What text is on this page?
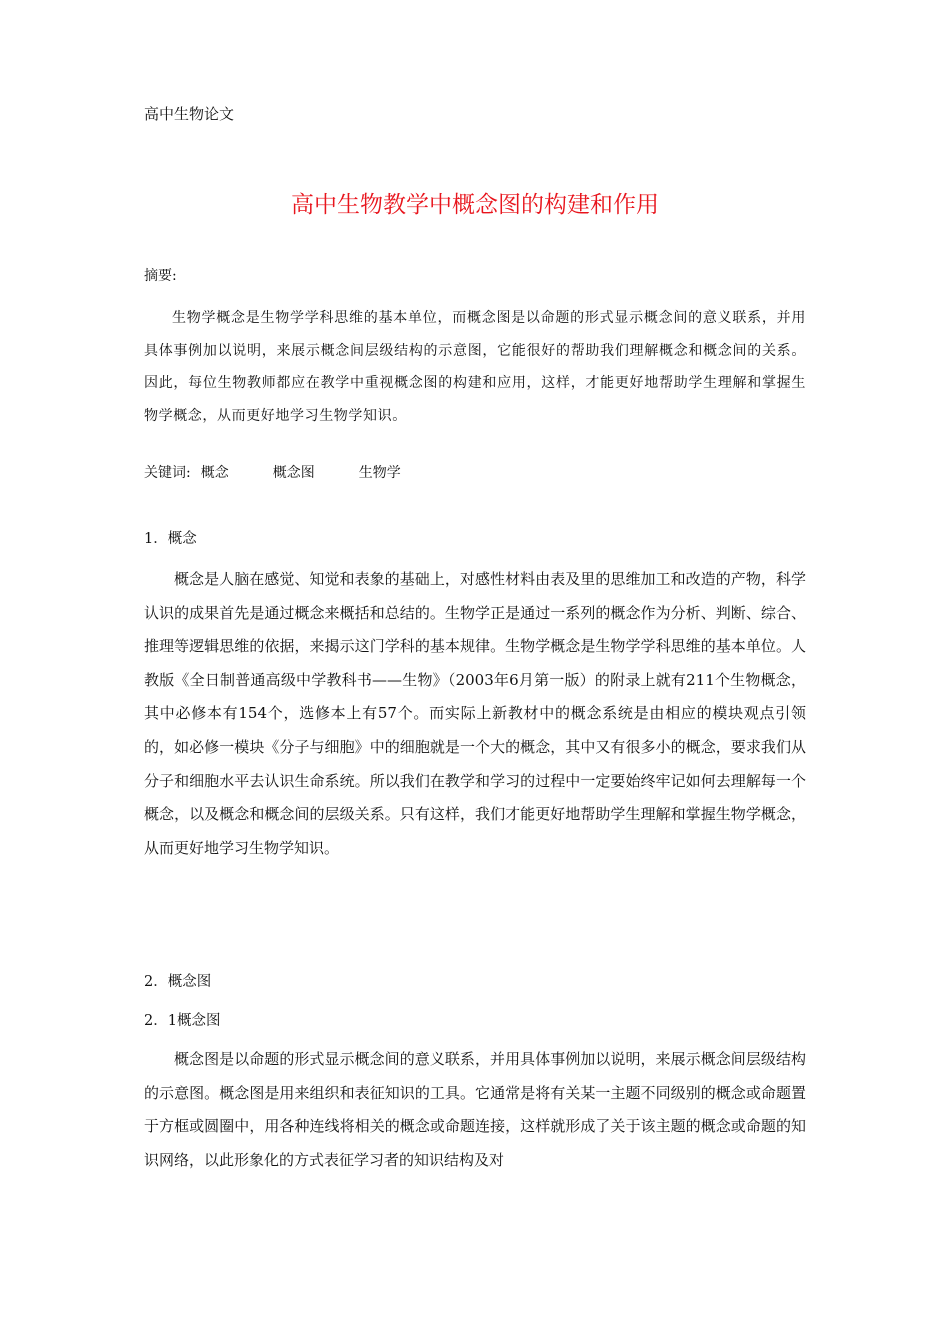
高中生物论文
高中生物教学中概念图的构建和作用
摘要:

生物学概念是生物学学科思维的基本单位，而概念图是以命题的形式显示概念间的意义联系，并用具体事例加以说明，来展示概念间层级结构的示意图，它能很好的帮助我们理解概念和概念间的关系。因此，每位生物教师都应在教学中重视概念图的构建和应用，这样，才能更好地帮助学生理解和掌握生物学概念，从而更好地学习生物学知识。

关键词: 概念	概念图	生物学
1．概念

概念是人脑在感觉、知觉和表象的基础上，对感性材料由表及里的思维加工和改造的产物，科学认识的成果首先是通过概念来概括和总结的。生物学正是通过一系列的概念作为分析、判断、综合、推理等逻辑思维的依据，来揭示这门学科的基本规律。生物学概念是生物学学科思维的基本单位。人教版《全日制普通高级中学教科书——生物》（2003年6月第一版）的附录上就有211个生物概念，其中必修本有154个，选修本上有57个。而实际上新教材中的概念系统是由相应的模块观点引领的，如必修一模块《分子与细胞》中的细胞就是一个大的概念，其中又有很多小的概念，要求我们从分子和细胞水平去认识生命系统。所以我们在教学和学习的过程中一定要始终牢记如何去理解每一个概念，以及概念和概念间的层级关系。只有这样，我们才能更好地帮助学生理解和掌握生物学概念，从而更好地学习生物学知识。

2．概念图
2．1概念图

概念图是以命题的形式显示概念间的意义联系，并用具体事例加以说明，来展示概念间层级结构的示意图。概念图是用来组织和表征知识的工具。它通常是将有关某一主题不同级别的概念或命题置于方框或圆圈中，用各种连线将相关的概念或命题连接，这样就形成了关于该主题的概念或命题的知识网络，以此形象化的方式表征学习者的知识结构及对
